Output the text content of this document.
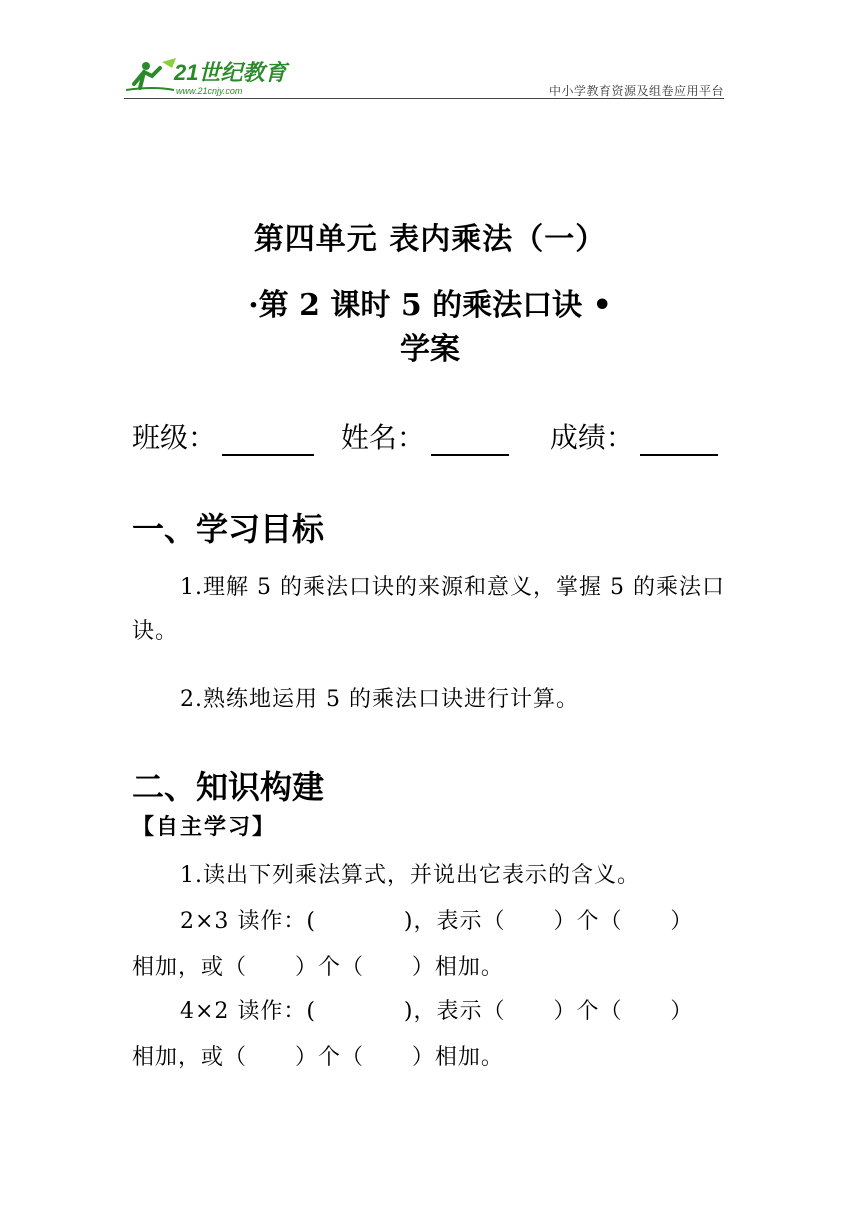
21世纪教育
www.21cnjy.com	中小学教育资源及组卷应用平台
第四单元 表内乘法（一）
·第 2 课时 5 的乘法口诀 •
学案
班级：	姓名：	成绩：
一、学习目标
1.理解 5 的乘法口诀的来源和意义，掌握 5 的乘法口诀。
2.熟练地运用 5 的乘法口诀进行计算。
二、知识构建
【自主学习】
1.读出下列乘法算式，并说出它表示的含义。
2×3 读作：(           )，表示（      ）个（      ）
相加，或（      ）个（      ）相加。
4×2 读作：(           )，表示（      ）个（      ）
相加，或（      ）个（      ）相加。
